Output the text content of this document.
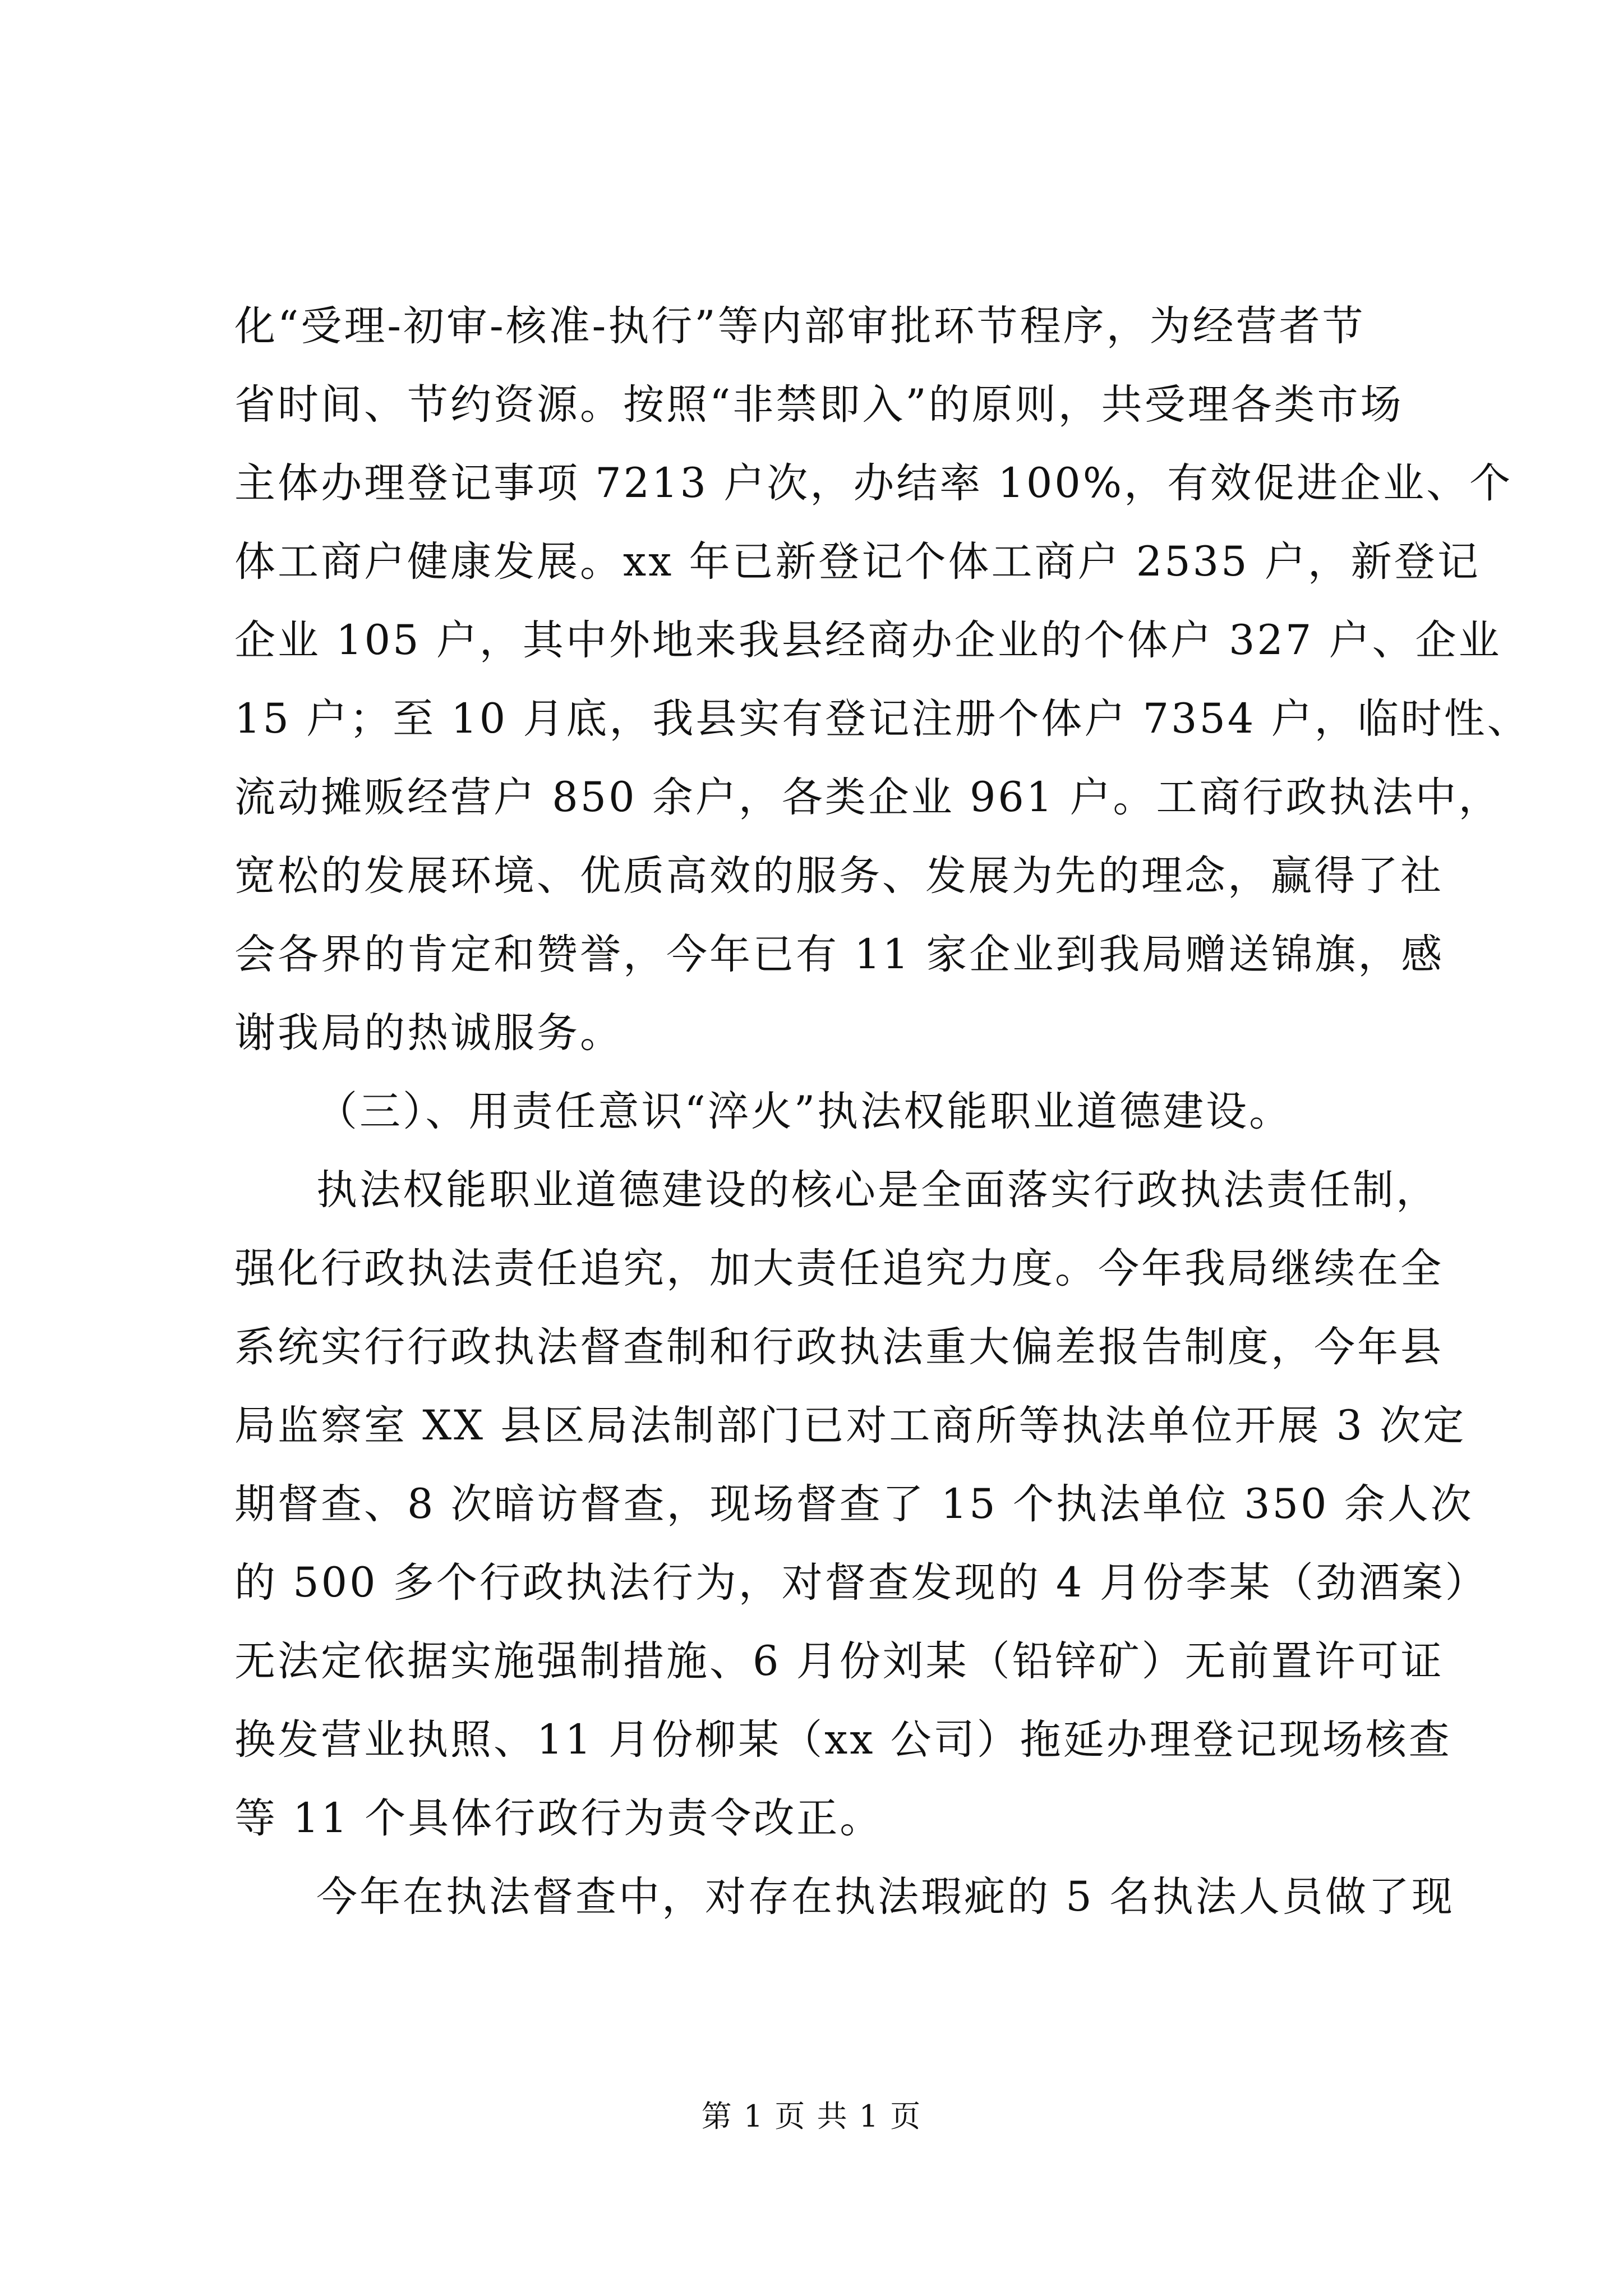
化“受理-初审-核准-执行”等内部审批环节程序，为经营者节
省时间、节约资源。按照“非禁即入”的原则，共受理各类市场
主体办理登记事项 7213 户次，办结率 100%，有效促进企业、个
体工商户健康发展。xx 年已新登记个体工商户 2535 户，新登记
企业 105 户，其中外地来我县经商办企业的个体户 327 户、企业
15 户；至 10 月底，我县实有登记注册个体户 7354 户，临时性、
流动摊贩经营户 850 余户，各类企业 961 户。工商行政执法中，
宽松的发展环境、优质高效的服务、发展为先的理念，赢得了社
会各界的肯定和赞誉，今年已有 11 家企业到我局赠送锦旗，感
谢我局的热诚服务。
（三）、用责任意识“淬火”执法权能职业道德建设。
执法权能职业道德建设的核心是全面落实行政执法责任制，
强化行政执法责任追究，加大责任追究力度。今年我局继续在全
系统实行行政执法督查制和行政执法重大偏差报告制度，今年县
局监察室 XX 县区局法制部门已对工商所等执法单位开展 3 次定
期督查、8 次暗访督查，现场督查了 15 个执法单位 350 余人次
的 500 多个行政执法行为，对督查发现的 4 月份李某（劲酒案）
无法定依据实施强制措施、6 月份刘某（铅锌矿）无前置许可证
换发营业执照、11 月份柳某（xx 公司）拖延办理登记现场核查
等 11 个具体行政行为责令改正。
今年在执法督查中，对存在执法瑕疵的 5 名执法人员做了现
第 1 页 共 1 页
